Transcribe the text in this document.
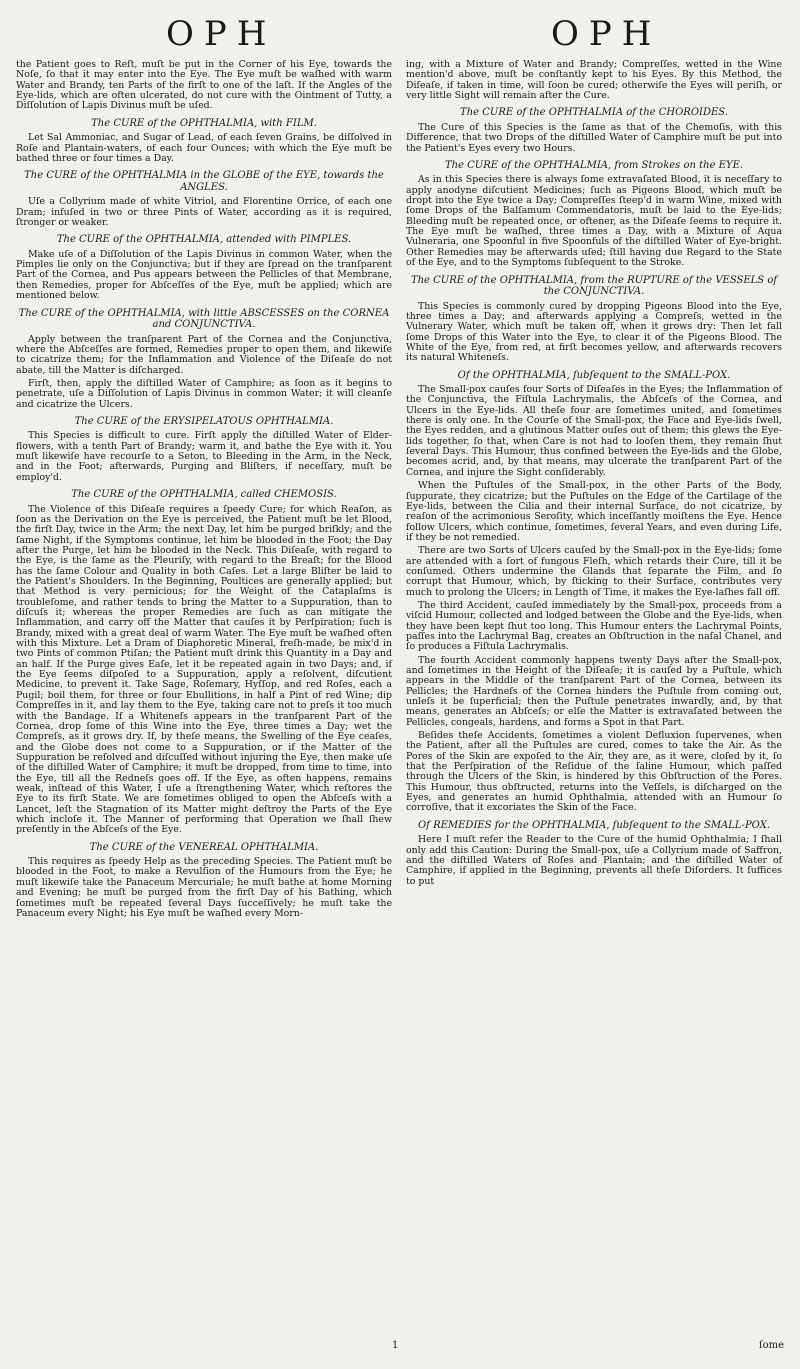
OPH	OPH

the Patient goes to Reſt, muſt be put in the Corner of his Eye, towards the Noſe, ſo that it may enter into the Eye. The Eye muſt be waſhed with warm Water and Brandy, ten Parts of the firſt to one of the laſt. If the Angles of the Eye-lids, which are often ulcerated, do not cure with the Ointment of Tutty, a Diſſolution of Lapis Divinus muſt be uſed.

The CURE of the OPHTHALMIA, with FILM.

Let Sal Ammoniac, and Sugar of Lead, of each ſeven Grains, be diſſolved in Roſe and Plantain-waters, of each four Ounces; with which the Eye muſt be bathed three or four times a Day.

The CURE of the OPHTHALMIA in the GLOBE of the EYE, towards the ANGLES.

Uſe a Collyrium made of white Vitriol, and Florentine Orrice, of each one Dram; infuſed in two or three Pints of Water, according as it is required, ſtronger or weaker.

The CURE of the OPHTHALMIA, attended with PIMPLES.

Make uſe of a Diſſolution of the Lapis Divinus in common Water, when the Pimples lie only on the Conjunctiva; but if they are ſpread on the tranſparent Part of the Cornea, and Pus appears between the Pellicles of that Membrane, then Remedies, proper for Abſceſſes of the Eye, muſt be applied; which are mentioned below.

The CURE of the OPHTHALMIA, with little ABSCESSES on the CORNEA and CONJUNCTIVA.

Apply between the tranſparent Part of the Cornea and the Conjunctiva, where the Abſceſſes are formed, Remedies proper to open them, and likewiſe to cicatrize them; for the Inflammation and Violence of the Diſeaſe do not abate, till the Matter is diſcharged.

Firſt, then, apply the diſtilled Water of Camphire; as ſoon as it begins to penetrate, uſe a Diſſolution of Lapis Divinus in common Water; it will cleanſe and cicatrize the Ulcers.

The CURE of the ERYSIPELATOUS OPHTHALMIA.

This Species is difficult to cure. Firſt apply the diſtilled Water of Elder-flowers, with a tenth Part of Brandy; warm it, and bathe the Eye with it. You muſt likewiſe have recourſe to a Seton, to Bleeding in the Arm, in the Neck, and in the Foot; afterwards, Purging and Bliſters, if neceſſary, muſt be employ'd.

The CURE of the OPHTHALMIA, called CHEMOSIS.

The Violence of this Diſeaſe requires a ſpeedy Cure; for which Reaſon, as ſoon as the Derivation on the Eye is perceived, the Patient muſt be let Blood, the firſt Day, twice in the Arm; the next Day, let him be purged briſkly; and the ſame Night, if the Symptoms continue, let him be blooded in the Foot; the Day after the Purge, let him be blooded in the Neck. This Diſeaſe, with regard to the Eye, is the ſame as the Pleuriſy, with regard to the Breaſt; for the Blood has the ſame Colour and Quality in both Caſes. Let a large Bliſter be laid to the Patient's Shoulders. In the Beginning, Poultices are generally applied; but that Method is very pernicious; for the Weight of the Cataplaſms is troubleſome, and rather tends to bring the Matter to a Suppuration, than to diſcuſs it; whereas the proper Remedies are ſuch as can mitigate the Inflammation, and carry off the Matter that cauſes it by Perſpiration; ſuch is Brandy, mixed with a great deal of warm Water. The Eye muſt be waſhed often with this Mixture. Let a Dram of Diaphoretic Mineral, freſh-made, be mix'd in two Pints of common Ptiſan; the Patient muſt drink this Quantity in a Day and an half. If the Purge gives Eaſe, let it be repeated again in two Days; and, if the Eye ſeems diſpoſed to a Suppuration, apply a reſolvent, diſcutient Medicine, to prevent it. Take Sage, Roſemary, Hyſſop, and red Roſes, each a Pugil; boil them, for three or four Ebullitions, in half a Pint of red Wine; dip Compreſſes in it, and lay them to the Eye, taking care not to preſs it too much with the Bandage. If a Whiteneſs appears in the tranſparent Part of the Cornea, drop ſome of this Wine into the Eye, three times a Day; wet the Compreſs, as it grows dry. If, by theſe means, the Swelling of the Eye ceaſes, and the Globe does not come to a Suppuration, or if the Matter of the Suppuration be reſolved and diſcuſſed without injuring the Eye, then make uſe of the diſtilled Water of Camphire; it muſt be dropped, from time to time, into the Eye, till all the Redneſs goes off. If the Eye, as often happens, remains weak, inſtead of this Water, I uſe a ſtrengthening Water, which reſtores the Eye to its firſt State. We are ſometimes obliged to open the Abſceſs with a Lancet, leſt the Stagnation of its Matter might deſtroy the Parts of the Eye which incloſe it. The Manner of performing that Operation we ſhall ſhew preſently in the Abſceſs of the Eye.

The CURE of the VENEREAL OPHTHALMIA.

This requires as ſpeedy Help as the preceding Species. The Patient muſt be blooded in the Foot, to make a Revulſion of the Humours from the Eye; he muſt likewiſe take the Panaceum Mercuriale; he muſt bathe at home Morning and Evening; he muſt be purged from the firſt Day of his Bathing, which ſometimes muſt be repeated ſeveral Days ſucceſſively; he muſt take the Panaceum every Night; his Eye muſt be waſhed every Morn-

ing, with a Mixture of Water and Brandy; Compreſſes, wetted in the Wine mention'd above, muſt be conſtantly kept to his Eyes. By this Method, the Diſeaſe, if taken in time, will ſoon be cured; otherwiſe the Eyes will periſh, or very little Sight will remain after the Cure.

The CURE of the OPHTHALMIA of the CHOROIDES.

The Cure of this Species is the ſame as that of the Chemoſis, with this Difference, that two Drops of the diſtilled Water of Camphire muſt be put into the Patient's Eyes every two Hours.

The CURE of the OPHTHALMIA, from Strokes on the EYE.

As in this Species there is always ſome extravaſated Blood, it is neceſſary to apply anodyne diſcutient Medicines; ſuch as Pigeons Blood, which muſt be dropt into the Eye twice a Day; Compreſſes ſteep'd in warm Wine, mixed with ſome Drops of the Balſamum Commendatoris, muſt be laid to the Eye-lids; Bleeding muſt be repeated once, or oftener, as the Diſeaſe ſeems to require it. The Eye muſt be waſhed, three times a Day, with a Mixture of Aqua Vulneraria, one Spoonful in five Spoonfuls of the diſtilled Water of Eye-bright. Other Remedies may be afterwards uſed; ſtill having due Regard to the State of the Eye, and to the Symptoms ſubſequent to the Stroke.

The CURE of the OPHTHALMIA, from the RUPTURE of the VESSELS of the CONJUNCTIVA.

This Species is commonly cured by dropping Pigeons Blood into the Eye, three times a Day; and afterwards applying a Compreſs, wetted in the Vulnerary Water, which muſt be taken off, when it grows dry: Then let fall ſome Drops of this Water into the Eye, to clear it of the Pigeons Blood. The White of the Eye, from red, at firſt becomes yellow, and afterwards recovers its natural Whiteneſs.

Of the OPHTHALMIA, ſubſequent to the SMALL-POX.

The Small-pox cauſes four Sorts of Diſeaſes in the Eyes; the Inflammation of the Conjunctiva, the Fiſtula Lachrymalis, the Abſceſs of the Cornea, and Ulcers in the Eye-lids. All theſe four are ſometimes united, and ſometimes there is only one. In the Courſe of the Small-pox, the Face and Eye-lids ſwell, the Eyes redden, and a glutinous Matter ouſes out of them; this glews the Eye-lids together, ſo that, when Care is not had to looſen them, they remain ſhut ſeveral Days. This Humour, thus confined between the Eye-lids and the Globe, becomes acrid, and, by that means, may ulcerate the tranſparent Part of the Cornea, and injure the Sight conſiderably.

When the Puſtules of the Small-pox, in the other Parts of the Body, ſuppurate, they cicatrize; but the Puſtules on the Edge of the Cartilage of the Eye-lids, between the Cilia and their internal Surface, do not cicatrize, by reaſon of the acrimonious Seroſity, which inceſſantly moiſtens the Eye. Hence follow Ulcers, which continue, ſometimes, ſeveral Years, and even during Life, if they be not remedied.

There are two Sorts of Ulcers cauſed by the Small-pox in the Eye-lids; ſome are attended with a ſort of fungous Fleſh, which retards their Cure, till it be conſumed. Others undermine the Glands that ſeparate the Film, and ſo corrupt that Humour, which, by ſticking to their Surface, contributes very much to prolong the Ulcers; in Length of Time, it makes the Eye-laſhes fall off.

The third Accident, cauſed immediately by the Small-pox, proceeds from a viſcid Humour, collected and lodged between the Globe and the Eye-lids, when they have been kept ſhut too long. This Humour enters the Lachrymal Points, paſſes into the Lachrymal Bag, creates an Obſtruction in the naſal Chanel, and ſo produces a Fiſtula Lachrymalis.

The fourth Accident commonly happens twenty Days after the Small-pox, and ſometimes in the Height of the Diſeaſe; it is cauſed by a Puſtule, which appears in the Middle of the tranſparent Part of the Cornea, between its Pellicles; the Hardneſs of the Cornea hinders the Puſtule from coming out, unleſs it be ſuperficial; then the Puſtule penetrates inwardly, and, by that means, generates an Abſceſs; or elſe the Matter is extravaſated between the Pellicles, congeals, hardens, and forms a Spot in that Part.

Beſides theſe Accidents, ſometimes a violent Defluxion ſupervenes, when the Patient, after all the Puſtules are cured, comes to take the Air. As the Pores of the Skin are expoſed to the Air, they are, as it were, cloſed by it, ſo that the Perſpiration of the Reſidue of the ſaline Humour, which paſſed through the Ulcers of the Skin, is hindered by this Obſtruction of the Pores. This Humour, thus obſtructed, returns into the Veſſels, is diſcharged on the Eyes, and generates an humid Ophthalmia, attended with an Humour ſo corroſive, that it excoriates the Skin of the Face.

Of REMEDIES for the OPHTHALMIA, ſubſequent to the SMALL-POX.

Here I muſt refer the Reader to the Cure of the humid Ophthalmia; I ſhall only add this Caution: During the Small-pox, uſe a Collyrium made of Saffron, and the diſtilled Waters of Roſes and Plantain; and the diſtilled Water of Camphire, if applied in the Beginning, prevents all theſe Diſorders. It ſuffices to put

1	ſome
